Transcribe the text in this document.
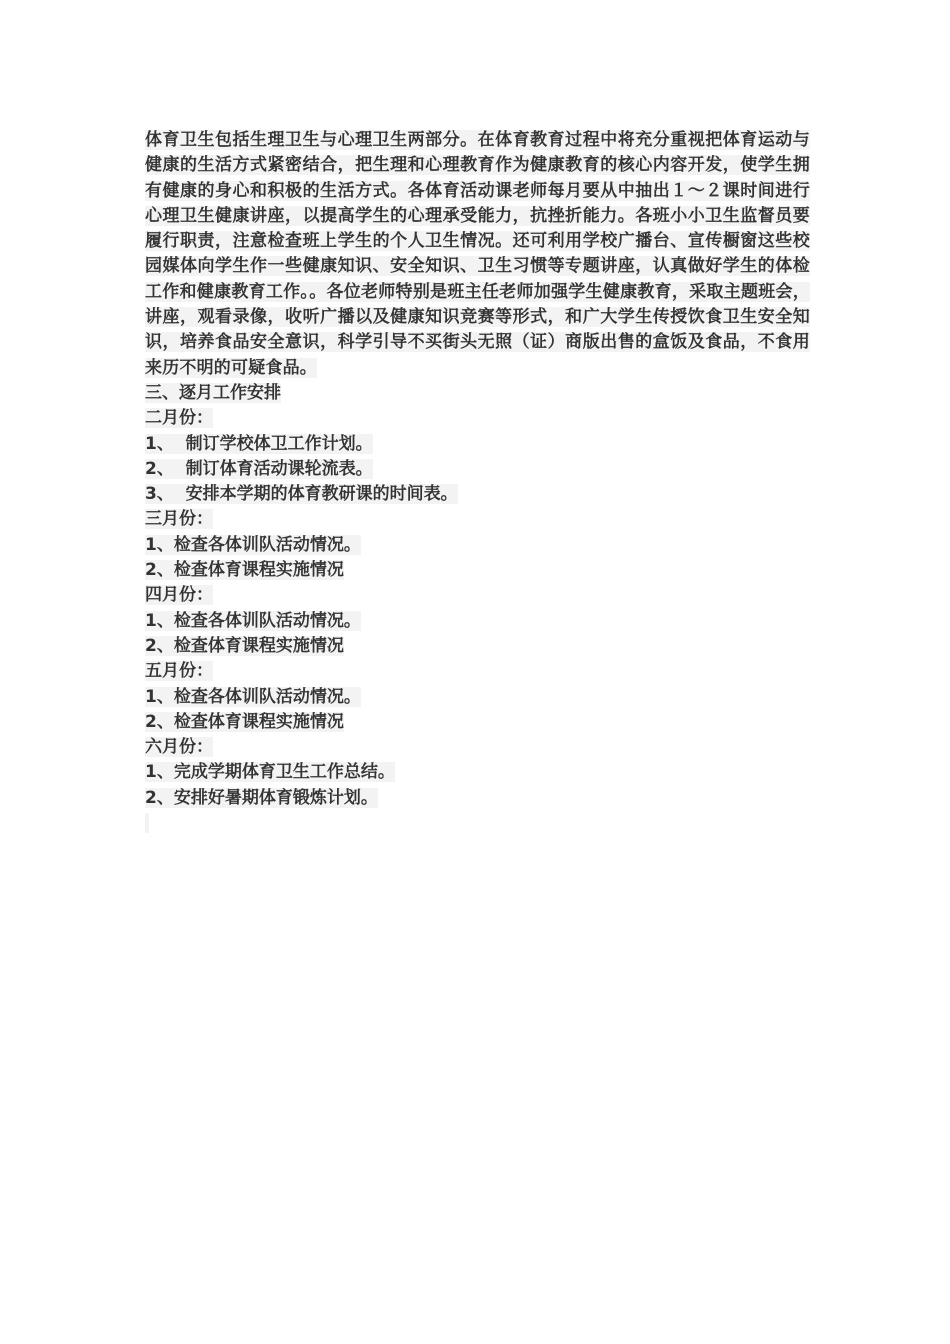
体育卫生包括生理卫生与心理卫生两部分。在体育教育过程中将充分重视把体育运动与健康的生活方式紧密结合，把生理和心理教育作为健康教育的核心内容开发，使学生拥有健康的身心和积极的生活方式。各体育活动课老师每月要从中抽出１～２课时间进行心理卫生健康讲座，以提高学生的心理承受能力，抗挫折能力。各班小小卫生监督员要履行职责，注意检查班上学生的个人卫生情况。还可利用学校广播台、宣传橱窗这些校园媒体向学生作一些健康知识、安全知识、卫生习惯等专题讲座，认真做好学生的体检工作和健康教育工作。。各位老师特别是班主任老师加强学生健康教育，采取主题班会，讲座，观看录像，收听广播以及健康知识竞赛等形式，和广大学生传授饮食卫生安全知识，培养食品安全意识，科学引导不买街头无照（证）商版出售的盒饭及食品，不食用来历不明的可疑食品。

三、逐月工作安排
二月份：
1、  制订学校体卫工作计划。
2、  制订体育活动课轮流表。
3、  安排本学期的体育教研课的时间表。
三月份：
1、检查各体训队活动情况。
2、检查体育课程实施情况
四月份：
1、检查各体训队活动情况。
2、检查体育课程实施情况
五月份：
1、检查各体训队活动情况。
2、检查体育课程实施情况
六月份：
1、完成学期体育卫生工作总结。
2、安排好暑期体育锻炼计划。
